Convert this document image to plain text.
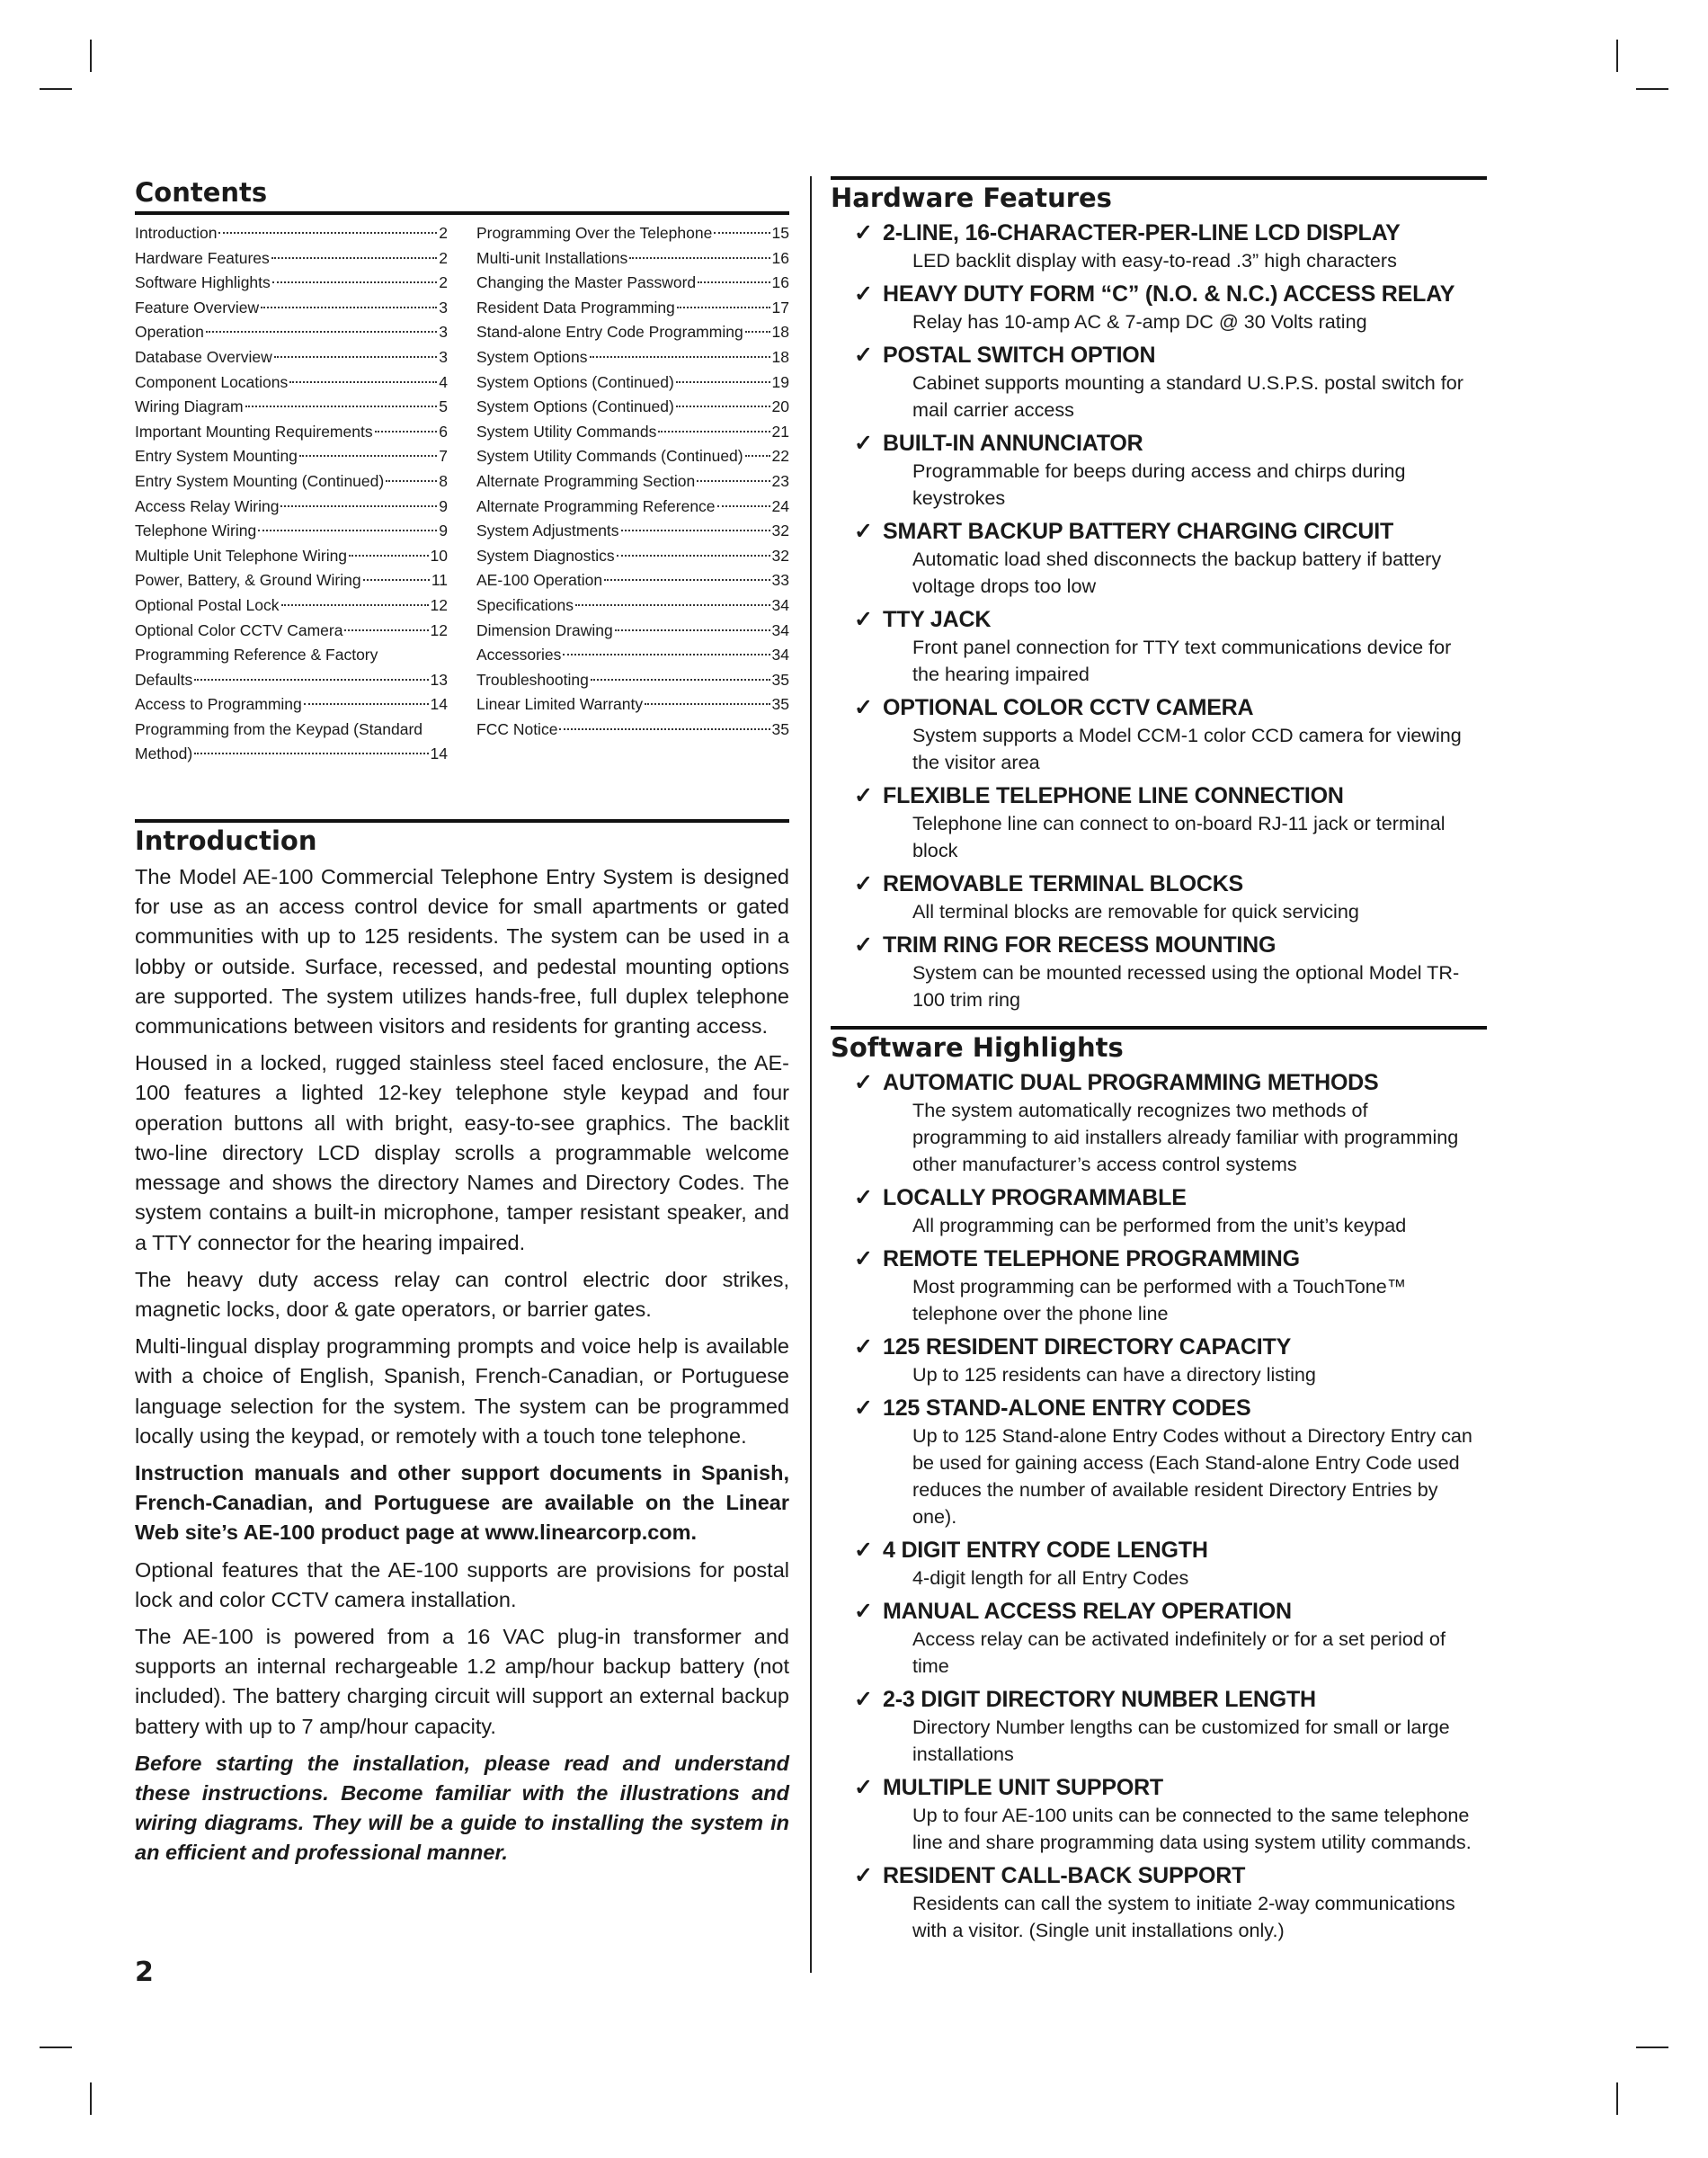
Contents
Introduction	2
Hardware Features	2
Software Highlights	2
Feature Overview	3
Operation	3
Database Overview	3
Component Locations	4
Wiring Diagram	5
Important Mounting Requirements	6
Entry System Mounting	7
Entry System Mounting (Continued)	8
Access Relay Wiring	9
Telephone Wiring	9
Multiple Unit Telephone Wiring	10
Power, Battery, & Ground Wiring	11
Optional Postal Lock	12
Optional Color CCTV Camera	12
Programming Reference & Factory
Defaults	13
Access to Programming	14
Programming from the Keypad (Standard
Method)	14
Programming Over the Telephone	15
Multi-unit Installations	16
Changing the Master Password	16
Resident Data Programming	17
Stand-alone Entry Code Programming 18
System Options	18
System Options (Continued)	19
System Options (Continued)	20
System Utility Commands	21
System Utility Commands (Continued) 22
Alternate Programming Section	23
Alternate Programming Reference	24
System Adjustments	32
System Diagnostics	32
AE-100 Operation	33
Specifications	34
Dimension Drawing	34
Accessories	34
Troubleshooting	35
Linear Limited Warranty	35
FCC Notice	35
Introduction

The Model AE-100 Commercial Telephone Entry System is designed for use as an access control device for small apartments or gated communities with up to 125 residents. The system can be used in a lobby or outside. Surface, recessed, and pedestal mounting options are supported. The system utilizes hands-free, full duplex telephone communications between visitors and residents for granting access.

Housed in a locked, rugged stainless steel faced enclosure, the AE-100 features a lighted 12-key telephone style keypad and four operation buttons all with bright, easy-to-see graphics. The backlit two-line directory LCD display scrolls a programmable welcome message and shows the directory Names and Directory Codes. The system contains a built-in microphone, tamper resistant speaker, and a TTY connector for the hearing impaired.

The heavy duty access relay can control electric door strikes, magnetic locks, door & gate operators, or barrier gates.

Multi-lingual display programming prompts and voice help is available with a choice of English, Spanish, French-Canadian, or Portuguese language selection for the system. The system can be programmed locally using the keypad, or remotely with a touch tone telephone.

Instruction manuals and other support documents in Spanish, French-Canadian, and Portuguese are available on the Linear Web site’s AE-100 product page at www.linearcorp.com.

Optional features that the AE-100 supports are provisions for postal lock and color CCTV camera installation.

The AE-100 is powered from a 16 VAC plug-in transformer and supports an internal rechargeable 1.2 amp/hour backup battery (not included). The battery charging circuit will support an external backup battery with up to 7 amp/hour capacity.

Before starting the installation, please read and understand these instructions. Become familiar with the illustrations and wiring diagrams. They will be a guide to installing the system in an efficient and professional manner.

Hardware Features
✓ 2-LINE, 16-CHARACTER-PER-LINE LCD DISPLAY
LED backlit display with easy-to-read .3” high characters
✓ HEAVY DUTY FORM “C” (N.O. & N.C.) ACCESS RELAY
Relay has 10-amp AC & 7-amp DC @ 30 Volts rating
✓ POSTAL SWITCH OPTION
Cabinet supports mounting a standard U.S.P.S. postal switch for mail carrier access
✓ BUILT-IN ANNUNCIATOR
Programmable for beeps during access and chirps during keystrokes
✓ SMART BACKUP BATTERY CHARGING CIRCUIT
Automatic load shed disconnects the backup battery if battery voltage drops too low
✓ TTY JACK
Front panel connection for TTY text communications device for the hearing impaired
✓ OPTIONAL COLOR CCTV CAMERA
System supports a Model CCM-1 color CCD camera for viewing the visitor area
✓ FLEXIBLE TELEPHONE LINE CONNECTION
Telephone line can connect to on-board RJ-11 jack or terminal block
✓ REMOVABLE TERMINAL BLOCKS
All terminal blocks are removable for quick servicing
✓ TRIM RING FOR RECESS MOUNTING
System can be mounted recessed using the optional Model TR-100 trim ring
Software Highlights
✓ AUTOMATIC DUAL PROGRAMMING METHODS
The system automatically recognizes two methods of programming to aid installers already familiar with programming other manufacturer’s access control systems
✓ LOCALLY PROGRAMMABLE
All programming can be performed from the unit’s keypad
✓ REMOTE TELEPHONE PROGRAMMING
Most programming can be performed with a TouchTone™ telephone over the phone line
✓ 125 RESIDENT DIRECTORY CAPACITY
Up to 125 residents can have a directory listing
✓ 125 STAND-ALONE ENTRY CODES
Up to 125 Stand-alone Entry Codes without a Directory Entry can be used for gaining access (Each Stand-alone Entry Code used reduces the number of available resident Directory Entries by one).
✓ 4 DIGIT ENTRY CODE LENGTH
4-digit length for all Entry Codes
✓ MANUAL ACCESS RELAY OPERATION
Access relay can be activated indefinitely or for a set period of time
✓ 2-3 DIGIT DIRECTORY NUMBER LENGTH
Directory Number lengths can be customized for small or large installations
✓ MULTIPLE UNIT SUPPORT
Up to four AE-100 units can be connected to the same telephone line and share programming data using system utility commands.
✓ RESIDENT CALL-BACK SUPPORT
Residents can call the system to initiate 2-way communications with a visitor. (Single unit installations only.)
2
